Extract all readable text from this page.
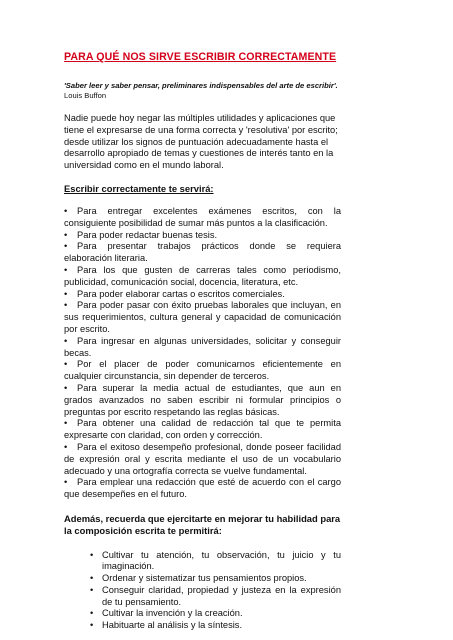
PARA QUÉ NOS SIRVE ESCRIBIR CORRECTAMENTE

'Saber leer y saber pensar, preliminares indispensables del arte de escribir'.

Louis Buffon

Nadie puede hoy negar las múltiples utilidades y aplicaciones que tiene el expresarse de una forma correcta y 'resolutiva' por escrito; desde utilizar los signos de puntuación adecuadamente hasta el desarrollo apropiado de temas y cuestiones de interés tanto en la universidad como en el mundo laboral.

Escribir correctamente te servirá:
• Para entregar excelentes exámenes escritos, con la consiguiente posibilidad de sumar más puntos a la clasificación.
• Para poder redactar buenas tesis.
• Para presentar trabajos prácticos donde se requiera elaboración literaria.
• Para los que gusten de carreras tales como periodismo, publicidad, comunicación social, docencia, literatura, etc.
• Para poder elaborar cartas o escritos comerciales.
• Para poder pasar con éxito pruebas laborales que incluyan, en sus requerimientos, cultura general y capacidad de comunicación por escrito.
• Para ingresar en algunas universidades, solicitar y conseguir becas.
• Por el placer de poder comunicarnos eficientemente en cualquier circunstancia, sin depender de terceros.
• Para superar la media actual de estudiantes, que aun en grados avanzados no saben escribir ni formular principios o preguntas por escrito respetando las reglas básicas.
• Para obtener una calidad de redacción tal que te permita expresarte con claridad, con orden y corrección.
• Para el exitoso desempeño profesional, donde poseer facilidad de expresión oral y escrita mediante el uso de un vocabulario adecuado y una ortografía correcta se vuelve fundamental.
• Para emplear una redacción que esté de acuerdo con el cargo que desempeñes en el futuro.
Además, recuerda que ejercitarte en mejorar tu habilidad para la composición escrita te permitirá:
• Cultivar tu atención, tu observación, tu juicio y tu imaginación.
• Ordenar y sistematizar tus pensamientos propios.
• Conseguir claridad, propiedad y justeza en la expresión de tu pensamiento.
• Cultivar la invención y la creación.
• Habituarte al análisis y la síntesis.
